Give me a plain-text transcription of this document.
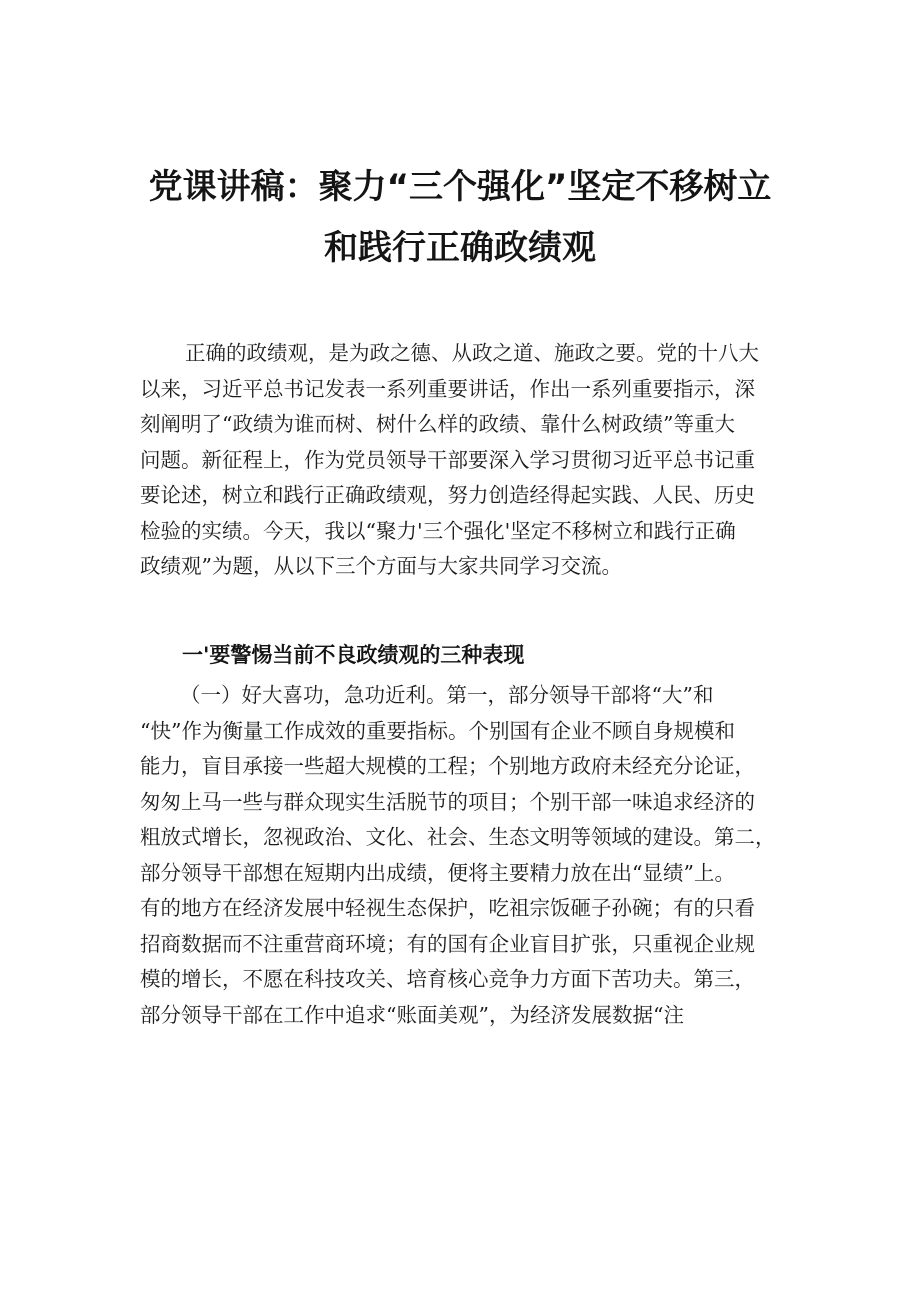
党课讲稿：聚力“三个强化”坚定不移树立
和践行正确政绩观
正确的政绩观，是为政之德、从政之道、施政之要。党的十八大
以来，习近平总书记发表一系列重要讲话，作出一系列重要指示，深
刻阐明了“政绩为谁而树、树什么样的政绩、靠什么树政绩”等重大
问题。新征程上，作为党员领导干部要深入学习贯彻习近平总书记重
要论述，树立和践行正确政绩观，努力创造经得起实践、人民、历史
检验的实绩。今天，我以“聚力'三个强化'坚定不移树立和践行正确
政绩观”为题，从以下三个方面与大家共同学习交流。
一'要警惕当前不良政绩观的三种表现
（一）好大喜功，急功近利。第一，部分领导干部将“大”和
“快”作为衡量工作成效的重要指标。个别国有企业不顾自身规模和
能力，盲目承接一些超大规模的工程；个别地方政府未经充分论证，
匆匆上马一些与群众现实生活脱节的项目；个别干部一味追求经济的
粗放式增长，忽视政治、文化、社会、生态文明等领域的建设。第二，
部分领导干部想在短期内出成绩，便将主要精力放在出“显绩”上。
有的地方在经济发展中轻视生态保护，吃祖宗饭砸子孙碗；有的只看
招商数据而不注重营商环境；有的国有企业盲目扩张，只重视企业规
模的增长，不愿在科技攻关、培育核心竞争力方面下苦功夫。第三，
部分领导干部在工作中追求“账面美观”，为经济发展数据“注
